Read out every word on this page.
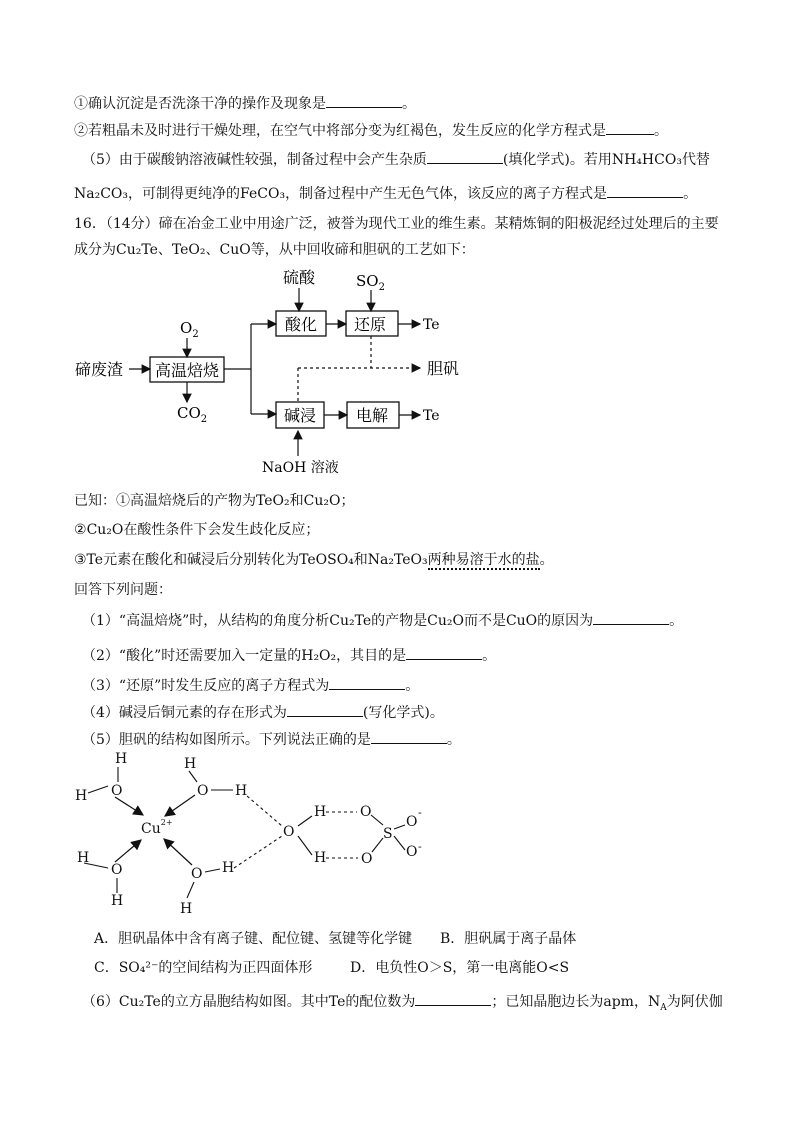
①确认沉淀是否洗涤干净的操作及现象是	。
②若粗晶未及时进行干燥处理，在空气中将部分变为红褐色，发生反应的化学方程式是	。
（5）由于碳酸钠溶液碱性较强，制备过程中会产生杂质	(填化学式)。若用NH₄HCO₃代替
Na₂CO₃，可制得更纯净的FeCO₃，制备过程中产生无色气体，该反应的离子方程式是	。
16．（14分）碲在冶金工业中用途广泛，被誉为现代工业的维生素。某精炼铜的阳极泥经过处理后的主要
成分为Cu₂Te、TeO₂、CuO等，从中回收碲和胆矾的工艺如下：
硫酸	$SO_2$
酸化 还原	Te
$O_2$
碲废渣 高温焙烧
$CO_2$
胆矾
碱浸 电解 Te
NaOH 溶液
已知：①高温焙烧后的产物为TeO₂和Cu₂O；
②Cu₂O在酸性条件下会发生歧化反应；
③Te元素在酸化和碱浸后分别转化为TeOSO₄和Na₂TeO₃两种易溶于水的盐。
回答下列问题：
（1）“高温焙烧”时，从结构的角度分析Cu₂Te的产物是Cu₂O而不是CuO的原因为	。
（2）“酸化”时还需要加入一定量的H₂O₂，其目的是	。
（3）“还原”时发生反应的离子方程式为	。
（4）碱浸后铜元素的存在形式为	(写化学式)。
（5）胆矾的结构如图所示。下列说法正确的是	。
H
O
H
H
O H
$Cu^{2+}$
H
O
H
O H
H
O
H
H
O
S
O
-
O -
O
A．胆矾晶体中含有离子键、配位键、氢键等化学键 B．胆矾属于离子晶体
C．SO₄²⁻的空间结构为正四面体形	D．电负性O＞S，第一电离能O<S
（6）Cu₂Te的立方晶胞结构如图。其中Te的配位数为	；已知晶胞边长为apm，$N_A$为阿伏伽
